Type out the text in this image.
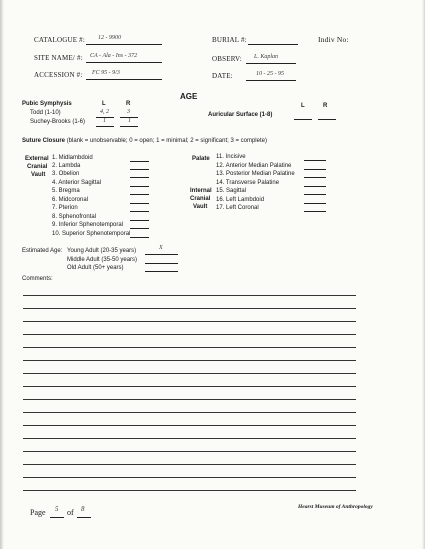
CATALOGUE #: 12 - 9900	BURIAL #:	Indiv No:
SITE NAME/ #: CA - Ala - Ins - 372	OBSERV: L. Kaplan
ACCESSION #: FC 95 - 9/3	DATE:	10 - 25 - 95
AGE
Pubic Symphysis	L	R
Todd (1-10)	4, 2	3
Suchey-Brooks (1-6)	1	1
Auricular Surface (1-8)
L	R
Suture Closure (blank = unobservable; 0 = open; 1 = minimal; 2 = significant; 3 = complete)
External
Cranial
Vault
1. Midlambdoid
2. Lambda
3. Obelion
4. Anterior Sagittal
5. Bregma
6. Midcoronal
7. Pterion
8. Sphenofrontal
9. Inferior Sphenotemporal
10. Superior Sphenotemporal
Palate 11. Incisive
12. Anterior Median Palatine
13. Posterior Median Palatine
14. Transverse Palatine
Internal
Cranial
Vault
15. Sagittal
16. Left Lambdoid
17. Left Coronal
Estimated Age: Young Adult (20-35 years)	X
Middle Adult (35-50 years)
Old Adult (50+ years)
Comments:
Page 5 of 8	Hearst Museum of Anthropology
